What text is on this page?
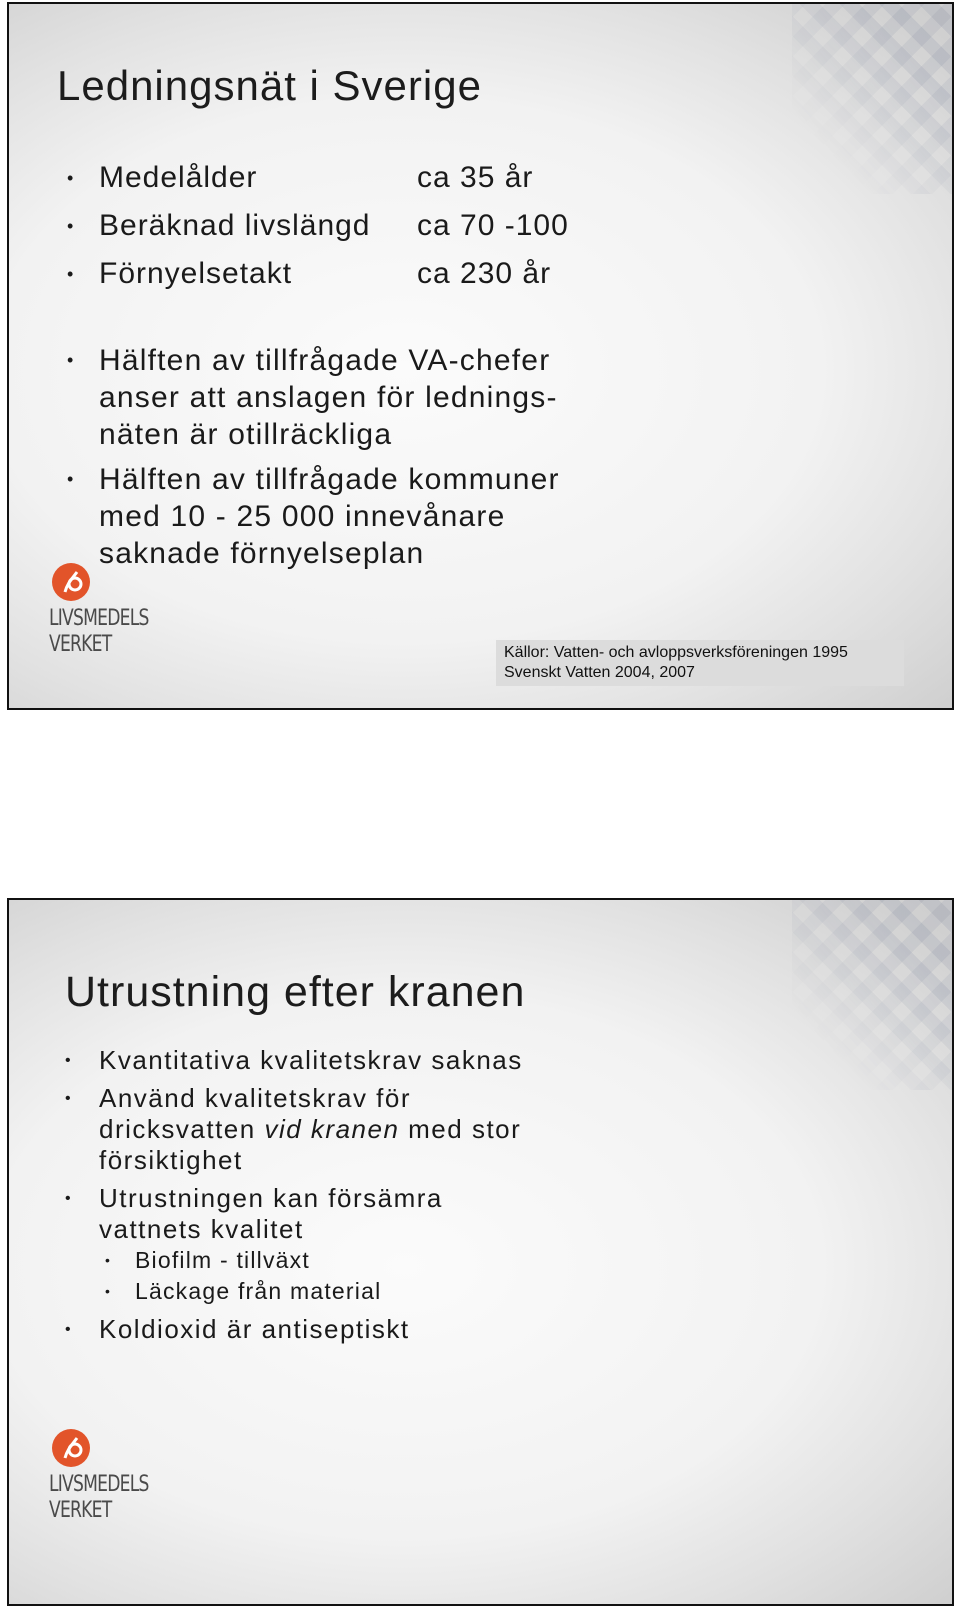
Ledningsnät i Sverige
• Medelålder	ca 35 år
• Beräknad livslängd	ca 70 -100
• Förnyelsetakt	ca 230 år
• Hälften av tillfrågade VA-chefer anser att anslagen för lednings-näten är otillräckliga
• Hälften av tillfrågade kommuner med 10 - 25 000 innevånare saknade förnyelseplan
LIVSMEDELS
VERKET	Källor: Vatten- och avloppsverksföreningen 1995
Svenskt Vatten 2004, 2007
Utrustning efter kranen
•	Kvantitativa kvalitetskrav saknas
•	Använd kvalitetskrav för dricksvatten vid kranen med stor försiktighet
•	Utrustningen kan försämra vattnets kvalitet
•	Biofilm - tillväxt
•	Läckage från material
•	Koldioxid är antiseptiskt
LIVSMEDELS
VERKET
